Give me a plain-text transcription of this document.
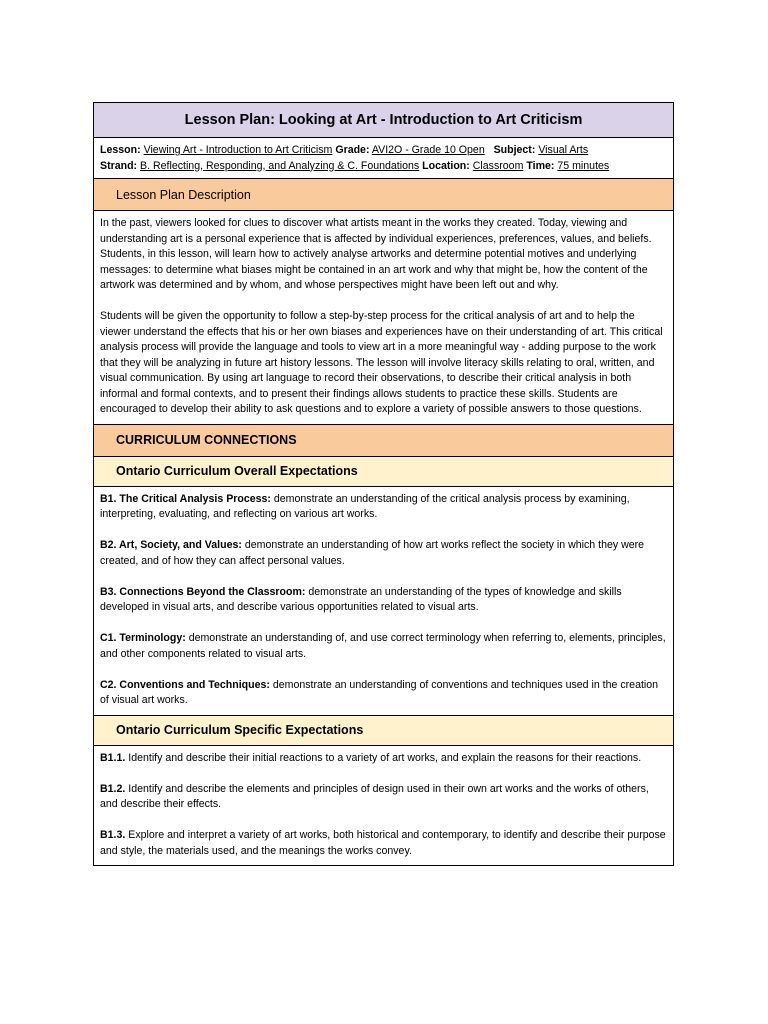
Lesson Plan: Looking at Art - Introduction to Art Criticism
Lesson: Viewing Art - Introduction to Art Criticism Grade: AVI2O - Grade 10 Open Subject: Visual Arts
Strand: B. Reflecting, Responding, and Analyzing & C. Foundations Location: Classroom Time: 75 minutes
Lesson Plan Description

In the past, viewers looked for clues to discover what artists meant in the works they created. Today, viewing and understanding art is a personal experience that is affected by individual experiences, preferences, values, and beliefs. Students, in this lesson, will learn how to actively analyse artworks and determine potential motives and underlying messages: to determine what biases might be contained in an art work and why that might be, how the content of the artwork was determined and by whom, and whose perspectives might have been left out and why.

Students will be given the opportunity to follow a step-by-step process for the critical analysis of art and to help the viewer understand the effects that his or her own biases and experiences have on their understanding of art. This critical analysis process will provide the language and tools to view art in a more meaningful way - adding purpose to the work that they will be analyzing in future art history lessons. The lesson will involve literacy skills relating to oral, written, and visual communication. By using art language to record their observations, to describe their critical analysis in both informal and formal contexts, and to present their findings allows students to practice these skills. Students are encouraged to develop their ability to ask questions and to explore a variety of possible answers to those questions.

CURRICULUM CONNECTIONS
Ontario Curriculum Overall Expectations

B1. The Critical Analysis Process: demonstrate an understanding of the critical analysis process by examining, interpreting, evaluating, and reflecting on various art works.

B2. Art, Society, and Values: demonstrate an understanding of how art works reflect the society in which they were created, and of how they can affect personal values.

B3. Connections Beyond the Classroom: demonstrate an understanding of the types of knowledge and skills developed in visual arts, and describe various opportunities related to visual arts.

C1. Terminology: demonstrate an understanding of, and use correct terminology when referring to, elements, principles, and other components related to visual arts.

C2. Conventions and Techniques: demonstrate an understanding of conventions and techniques used in the creation of visual art works.

Ontario Curriculum Specific Expectations

B1.1. Identify and describe their initial reactions to a variety of art works, and explain the reasons for their reactions.

B1.2. Identify and describe the elements and principles of design used in their own art works and the works of others, and describe their effects.

B1.3. Explore and interpret a variety of art works, both historical and contemporary, to identify and describe their purpose and style, the materials used, and the meanings the works convey.
